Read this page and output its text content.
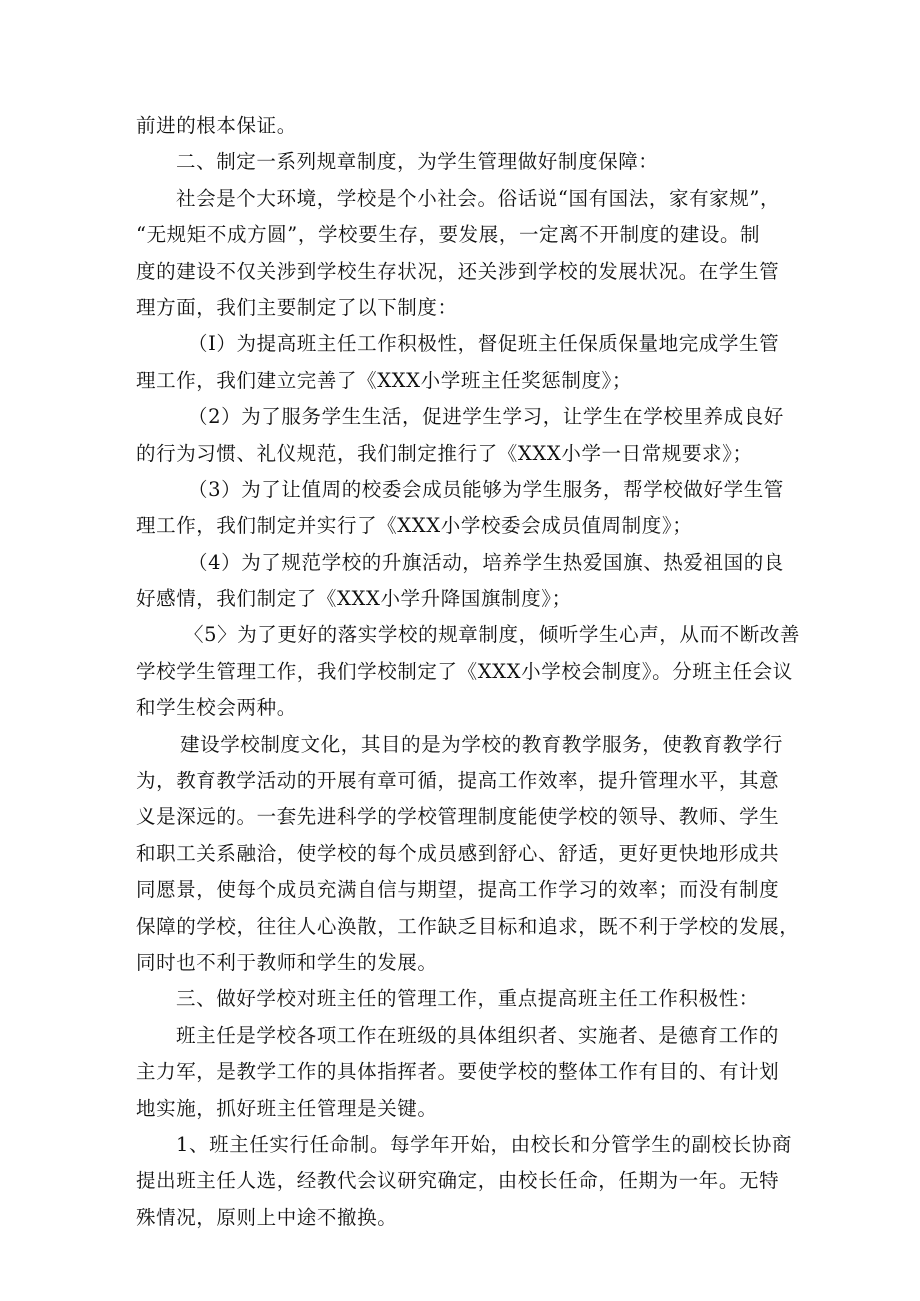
前进的根本保证。
二、制定一系列规章制度，为学生管理做好制度保障：
社会是个大环境，学校是个小社会。俗话说“国有国法，家有家规”，
“无规矩不成方圆”，学校要生存，要发展，一定离不开制度的建设。制
度的建设不仅关涉到学校生存状况，还关涉到学校的发展状况。在学生管
理方面，我们主要制定了以下制度：
（I）为提高班主任工作积极性，督促班主任保质保量地完成学生管
理工作，我们建立完善了《XXX小学班主任奖惩制度》；
（2）为了服务学生生活，促进学生学习，让学生在学校里养成良好
的行为习惯、礼仪规范，我们制定推行了《XXX小学一日常规要求》；
（3）为了让值周的校委会成员能够为学生服务，帮学校做好学生管
理工作，我们制定并实行了《XXX小学校委会成员值周制度》；
（4）为了规范学校的升旗活动，培养学生热爱国旗、热爱祖国的良
好感情，我们制定了《XXX小学升降国旗制度》；
〈5〉为了更好的落实学校的规章制度，倾听学生心声，从而不断改善
学校学生管理工作，我们学校制定了《XXX小学校会制度》。分班主任会议
和学生校会两种。
建设学校制度文化，其目的是为学校的教育教学服务，使教育教学行
为，教育教学活动的开展有章可循，提高工作效率，提升管理水平，其意
义是深远的。一套先进科学的学校管理制度能使学校的领导、教师、学生
和职工关系融洽，使学校的每个成员感到舒心、舒适，更好更快地形成共
同愿景，使每个成员充满自信与期望，提高工作学习的效率；而没有制度
保障的学校，往往人心涣散，工作缺乏目标和追求，既不利于学校的发展，
同时也不利于教师和学生的发展。
三、做好学校对班主任的管理工作，重点提高班主任工作积极性：
班主任是学校各项工作在班级的具体组织者、实施者、是德育工作的
主力军，是教学工作的具体指挥者。要使学校的整体工作有目的、有计划
地实施，抓好班主任管理是关键。
1、班主任实行任命制。每学年开始，由校长和分管学生的副校长协商
提出班主任人选，经教代会议研究确定，由校长任命，任期为一年。无特
殊情况，原则上中途不撤换。
